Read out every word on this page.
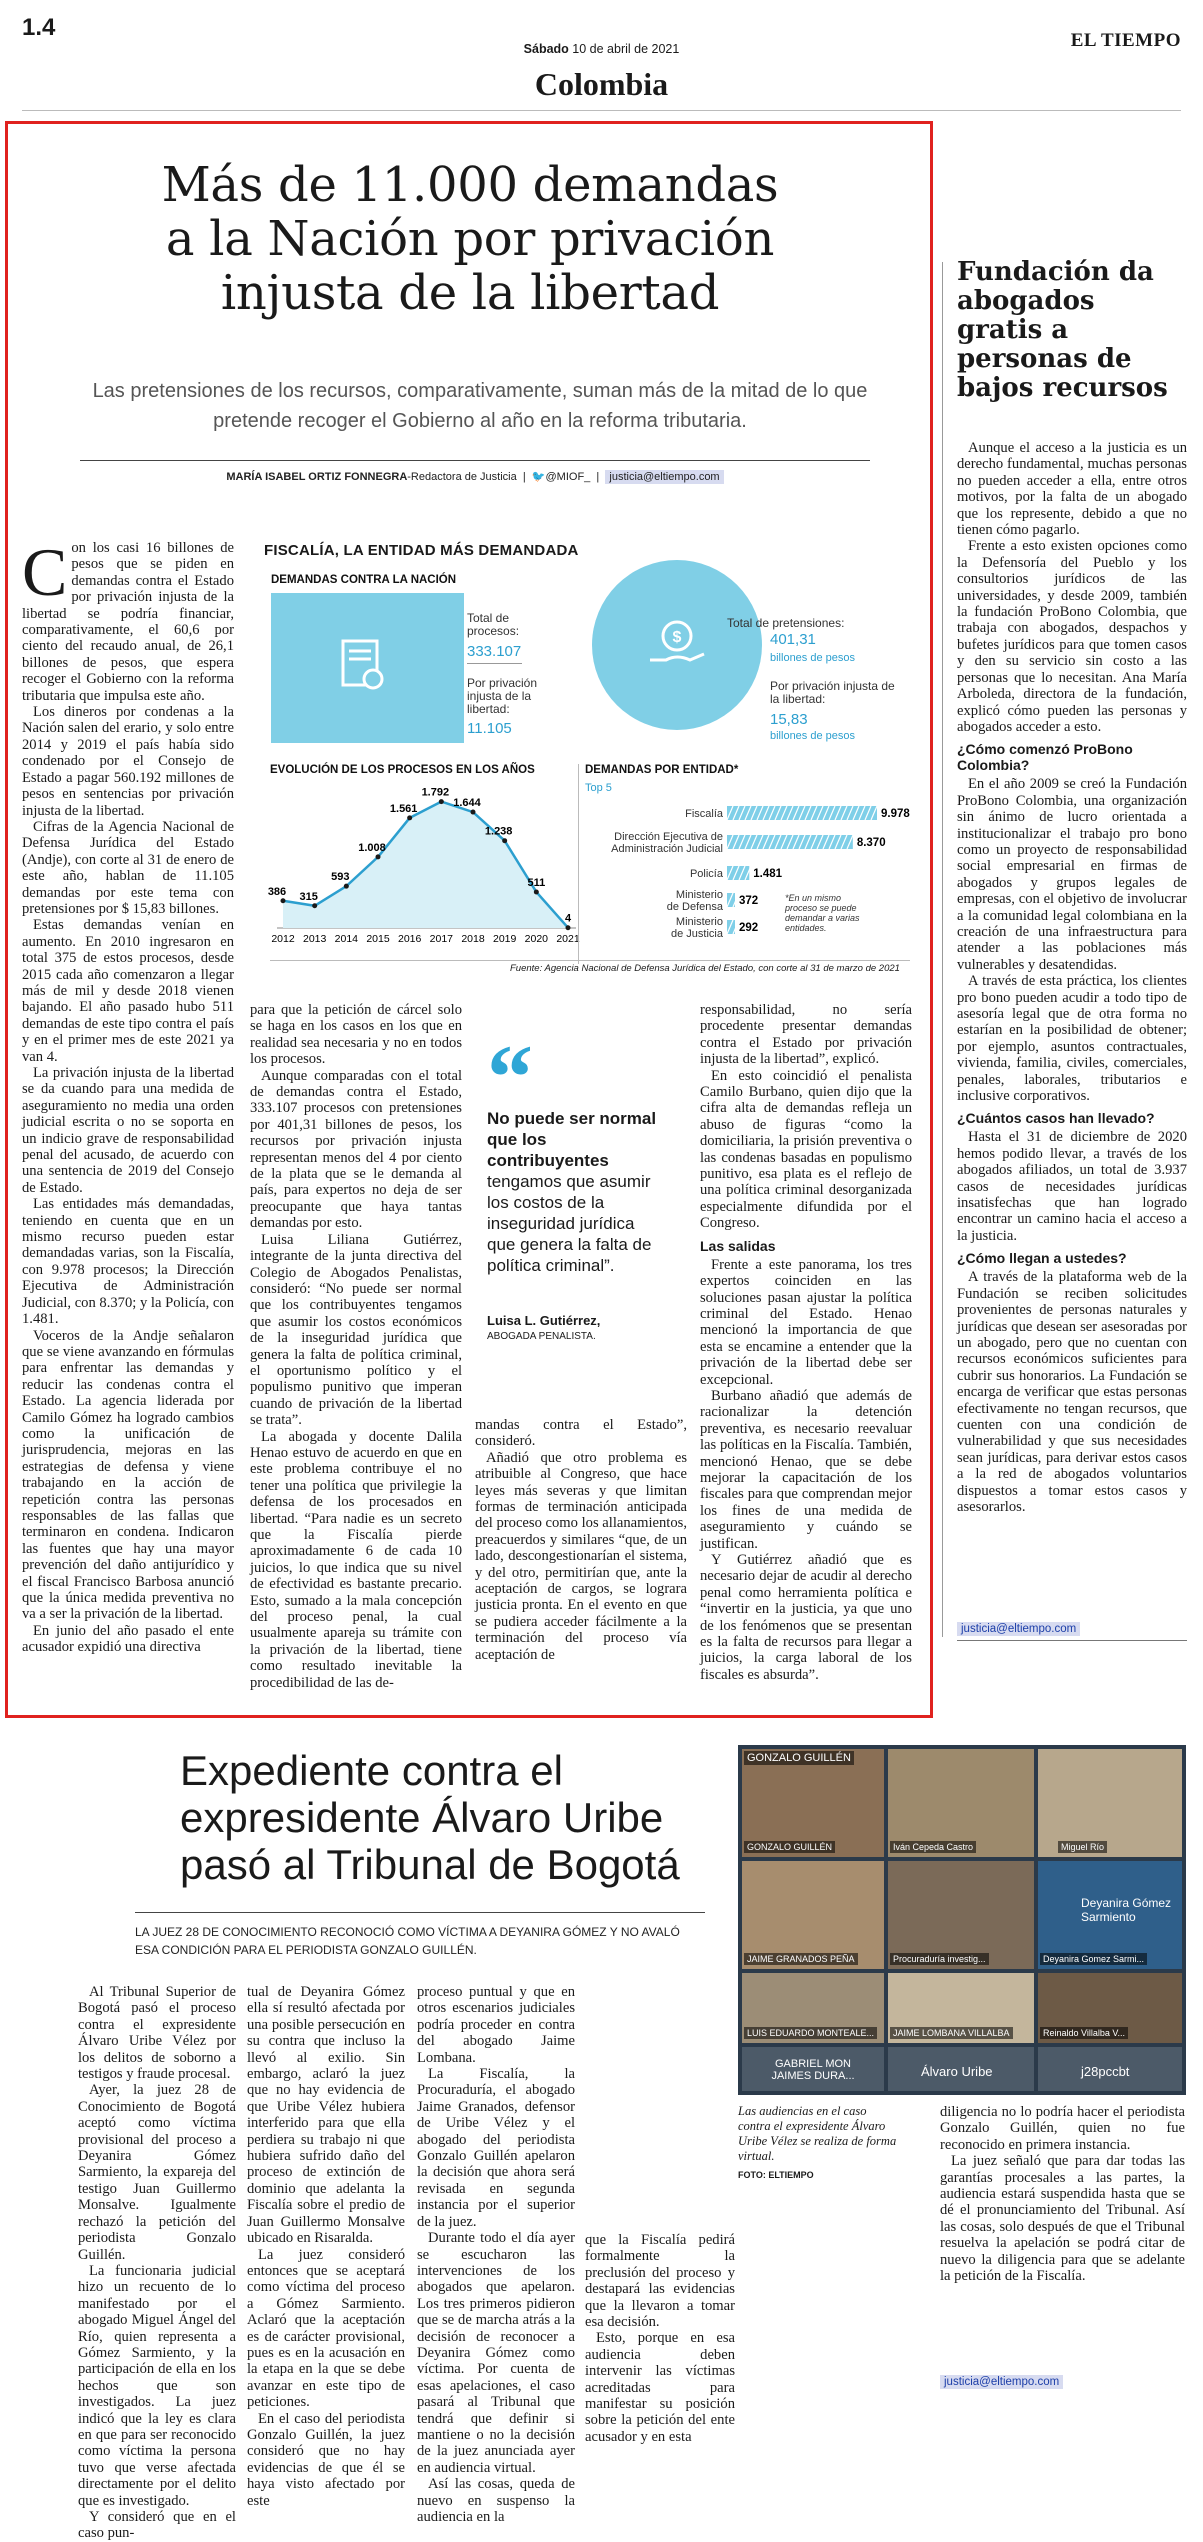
1.4
Sábado 10 de abril de 2021	EL TIEMPO
Colombia
Más de 11.000 demandas
a la Nación por privación
injusta de la libertad
Las pretensiones de los recursos, comparativamente, suman más de la mitad de lo que pretende recoger el Gobierno al año en la reforma tributaria.
MARÍA ISABEL ORTIZ FONNEGRA-Redactora de Justicia  |  🐦@MIOF_  |  justicia@eltiempo.com

Con los casi 16 billones de pesos que se piden en demandas contra el Estado por privación injusta de la libertad se podría financiar, comparativamente, el 60,6 por ciento del recaudo anual, de 26,1 billones de pesos, que espera recoger el Gobierno con la reforma tributaria que impulsa este año.

Los dineros por condenas a la Nación salen del erario, y solo entre 2014 y 2019 el país había sido condenado por el Consejo de Estado a pagar 560.192 millones de pesos en sentencias por privación injusta de la libertad.

Cifras de la Agencia Nacional de Defensa Jurídica del Estado (Andje), con corte al 31 de enero de este año, hablan de 11.105 demandas por este tema con pretensiones por $ 15,83 billones.

Estas demandas venían en aumento. En 2010 ingresaron en total 375 de estos procesos, desde 2015 cada año comenzaron a llegar más de mil y desde 2018 vienen bajando. El año pasado hubo 511 demandas de este tipo contra el país y en el primer mes de este 2021 ya van 4.

La privación injusta de la libertad se da cuando para una medida de aseguramiento no media una orden judicial escrita o no se soporta en un indicio grave de responsabilidad penal del acusado, de acuerdo con una sentencia de 2019 del Consejo de Estado.

Las entidades más demandadas, teniendo en cuenta que en un mismo recurso pueden estar demandadas varias, son la Fiscalía, con 9.978 procesos; la Dirección Ejecutiva de Administración Judicial, con 8.370; y la Policía, con 1.481.

Voceros de la Andje señalaron que se viene avanzando en fórmulas para enfrentar las demandas y reducir las condenas contra el Estado. La agencia liderada por Camilo Gómez ha logrado cambios como la unificación de jurisprudencia, mejoras en las estrategias de defensa y viene trabajando en la acción de repetición contra las personas responsables de las fallas que terminaron en condena. Indicaron las fuentes que hay una mayor prevención del daño antijurídico y el fiscal Francisco Barbosa anunció que la única medida preventiva no va a ser la privación de la libertad.

En junio del año pasado el ente acusador expidió una directiva

FISCALÍA, LA ENTIDAD MÁS DEMANDADA
DEMANDAS CONTRA LA NACIÓN
Total de procesos:
333.107
Por privación injusta de la libertad:
11.105
$
Total de pretensiones:
401,31
billones de pesos
Por privación injusta de la libertad:
15,83
billones de pesos
EVOLUCIÓN DE LOS PROCESOS EN LOS AÑOS
386
2012
315
2013
593
2014
1.008
2015
1.561
2016
1.792
2017
1.644
2018
1.238
2019
511
2020
4
2021
DEMANDAS POR ENTIDAD*
Top 5
Fiscalía	9.978
Dirección Ejecutiva de
Administración Judicial	8.370
Policía	1.481
Ministerio
de Defensa 372
Ministerio
de Justicia 292
*En un mismo proceso se puede demandar a varias entidades.
Fuente: Agencia Nacional de Defensa Jurídica del Estado, con corte al 31 de marzo de 2021

para que la petición de cárcel solo se haga en los casos en los que en realidad sea necesaria y no en todos los procesos.

Aunque comparadas con el total de demandas contra el Estado, 333.107 procesos con pretensiones por 401,31 billones de pesos, los recursos por privación injusta representan menos del 4 por ciento de la plata que se le demanda al país, para expertos no deja de ser preocupante que haya tantas demandas por esto.

Luisa Liliana Gutiérrez, integrante de la junta directiva del Colegio de Abogados Penalistas, consideró: “No puede ser normal que los contribuyentes tengamos que asumir los costos económicos de la inseguridad jurídica que genera la falta de política criminal, el oportunismo político y el populismo punitivo que imperan cuando de privación de la libertad se trata”.

La abogada y docente Dalila Henao estuvo de acuerdo en que en este problema contribuye el no tener una política que privilegie la defensa de los procesados en libertad. “Para nadie es un secreto que la Fiscalía pierde aproximadamente 6 de cada 10 juicios, lo que indica que su nivel de efectividad es bastante precario. Esto, sumado a la mala concepción del proceso penal, la cual usualmente apareja su trámite con la privación de la libertad, tiene como resultado inevitable la procedibilidad de las de-

“
No puede ser normal que los contribuyentes tengamos que asumir los costos de la inseguridad jurídica que genera la falta de política criminal”.
Luisa L. Gutiérrez,
ABOGADA PENALISTA.

mandas contra el Estado”, consideró.

Añadió que otro problema es atribuible al Congreso, que hace leyes más severas y que limitan formas de terminación anticipada del proceso como los allanamientos, preacuerdos y similares “que, de un lado, descongestionarían el sistema, y del otro, permitirían que, ante la aceptación de cargos, se lograra justicia pronta. En el evento en que se pudiera acceder fácilmente a la terminación del proceso vía aceptación de

responsabilidad, no sería procedente presentar demandas contra el Estado por privación injusta de la libertad”, explicó.

En esto coincidió el penalista Camilo Burbano, quien dijo que la cifra alta de demandas refleja un abuso de figuras “como la domiciliaria, la prisión preventiva o las condenas basadas en populismo punitivo, esa plata es el reflejo de una política criminal desorganizada especialmente difundida por el Congreso.

Las salidas

Frente a este panorama, los tres expertos coinciden en las soluciones pasan ajustar la política criminal del Estado. Henao mencionó la importancia de que esta se encamine a entender que la privación de la libertad debe ser excepcional.

Burbano añadió que además de racionalizar la detención preventiva, es necesario reevaluar las políticas en la Fiscalía. También, mencionó Henao, que se debe mejorar la capacitación de los fiscales para que comprendan mejor los fines de una medida de aseguramiento y cuándo se justifican.

Y Gutiérrez añadió que es necesario dejar de acudir al derecho penal como herramienta política e “invertir en la justicia, ya que uno de los fenómenos que se presentan es la falta de recursos para llegar a juicios, la carga laboral de los fiscales es absurda”.

Fundación da abogados gratis a personas de bajos recursos

Aunque el acceso a la justicia es un derecho fundamental, muchas personas no pueden acceder a ella, entre otros motivos, por la falta de un abogado que los represente, debido a que no tienen cómo pagarlo.

Frente a esto existen opciones como la Defensoría del Pueblo y los consultorios jurídicos de las universidades, y desde 2009, también la fundación ProBono Colombia, que trabaja con abogados, despachos y bufetes jurídicos para que tomen casos y den su servicio sin costo a las personas que lo necesitan. Ana María Arboleda, directora de la fundación, explicó cómo pueden las personas y abogados acceder a esto.

¿Cómo comenzó ProBono Colombia?

En el año 2009 se creó la Fundación ProBono Colombia, una organización sin ánimo de lucro orientada a institucionalizar el trabajo pro bono como un proyecto de responsabilidad social empresarial en firmas de abogados y grupos legales de empresas, con el objetivo de involucrar a la comunidad legal colombiana en la creación de una infraestructura para atender a las poblaciones más vulnerables y desatendidas.

A través de esta práctica, los clientes pro bono pueden acudir a todo tipo de asesoría legal que de otra forma no estarían en la posibilidad de obtener; por ejemplo, asuntos contractuales, vivienda, familia, civiles, comerciales, penales, laborales, tributarios e inclusive corporativos.

¿Cuántos casos han llevado?

Hasta el 31 de diciembre de 2020 hemos podido llevar, a través de los abogados afiliados, un total de 3.937 casos de necesidades jurídicas insatisfechas que han logrado encontrar un camino hacia el acceso a la justicia.

¿Cómo llegan a ustedes?

A través de la plataforma web de la Fundación se reciben solicitudes provenientes de personas naturales y jurídicas que desean ser asesoradas por un abogado, pero que no cuentan con recursos económicos suficientes para cubrir sus honorarios. La Fundación se encarga de verificar que estas personas efectivamente no tengan recursos, que cuenten con una condición de vulnerabilidad y que sus necesidades sean jurídicas, para derivar estos casos a la red de abogados voluntarios dispuestos a tomar estos casos y asesorarlos.

justicia@eltiempo.com
Expediente contra el
expresidente Álvaro Uribe
pasó al Tribunal de Bogotá
LA JUEZ 28 DE CONOCIMIENTO RECONOCIÓ COMO VÍCTIMA A DEYANIRA GÓMEZ Y NO AVALÓ ESA CONDICIÓN PARA EL PERIODISTA GONZALO GUILLÉN.

Al Tribunal Superior de Bogotá pasó el proceso contra el expresidente Álvaro Uribe Vélez por los delitos de soborno a testigos y fraude procesal.

Ayer, la juez 28 de Conocimiento de Bogotá aceptó como víctima provisional del proceso a Deyanira Gómez Sarmiento, la expareja del testigo Juan Guillermo Monsalve. Igualmente rechazó la petición del periodista Gonzalo Guillén.

La funcionaria judicial hizo un recuento de lo manifestado por el abogado Miguel Ángel del Río, quien representa a Gómez Sarmiento, y la participación de ella en los hechos que son investigados. La juez indicó que la ley es clara en que para ser reconocido como víctima la persona tuvo que verse afectada directamente por el delito que es investigado.

Y consideró que en el caso pun-

tual de Deyanira Gómez ella sí resultó afectada por una posible persecución en su contra que incluso la llevó al exilio. Sin embargo, aclaró la juez que no hay evidencia de que Uribe Vélez hubiera interferido para que ella perdiera su trabajo ni que hubiera sufrido daño del proceso de extinción de dominio que adelanta la Fiscalía sobre el predio de Juan Guillermo Monsalve ubicado en Risaralda.

La juez consideró entonces que se aceptará como víctima del proceso a Gómez Sarmiento. Aclaró que la aceptación es de carácter provisional, pues es en la acusación en la etapa en la que se debe avanzar en este tipo de peticiones.

En el caso del periodista Gonzalo Guillén, la juez consideró que no hay evidencias de que él se haya visto afectado por este

proceso puntual y que en otros escenarios judiciales podría proceder en contra del abogado Jaime Lombana.

La Fiscalía, la Procuraduría, el abogado Jaime Granados, defensor de Uribe Vélez y el abogado del periodista Gonzalo Guillén apelaron la decisión que ahora será revisada en segunda instancia por el superior de la juez.

Durante todo el día ayer se escucharon las intervenciones de los abogados que apelaron. Los tres primeros pidieron que se de marcha atrás a la decisión de reconocer a Deyanira Gómez como víctima. Por cuenta de esas apelaciones, el caso pasará al Tribunal que tendrá que definir si mantiene o no la decisión de la juez anunciada ayer en audiencia virtual.

Así las cosas, queda de nuevo en suspenso la audiencia en la

que la Fiscalía pedirá formalmente la preclusión del proceso y destapará las evidencias que la llevaron a tomar esa decisión.

Esto, porque en esa audiencia deben intervenir las víctimas acreditadas para manifestar su posición sobre la petición del ente acusador y en esta

diligencia no lo podría hacer el periodista Gonzalo Guillén, quien no fue reconocido en primera instancia.

La juez señaló que para dar todas las garantías procesales a las partes, la audiencia estará suspendida hasta que se dé el pronunciamiento del Tribunal. Así las cosas, solo después de que el Tribunal resuelva la apelación se podrá citar de nuevo la diligencia para que se adelante la petición de la Fiscalía.

GONZALO GUILLÉN
GONZALO GUILLÉN	Iván Cepeda Castro	Miguel Río
Deyanira Gómez Sarmiento
JAIME GRANADOS PEÑA	Procuraduría investig...	Deyanira Gomez Sarmi...
LUIS EDUARDO MONTEALE...	JAIME LOMBANA VILLALBA	Reinaldo Villalba V...
GABRIEL MON JAIMES DURA...	Álvaro Uribe	j28pccbt
Las audiencias en el caso contra el expresidente Álvaro Uribe Vélez se realiza de forma virtual.
FOTO: ELTIEMPO
justicia@eltiempo.com
